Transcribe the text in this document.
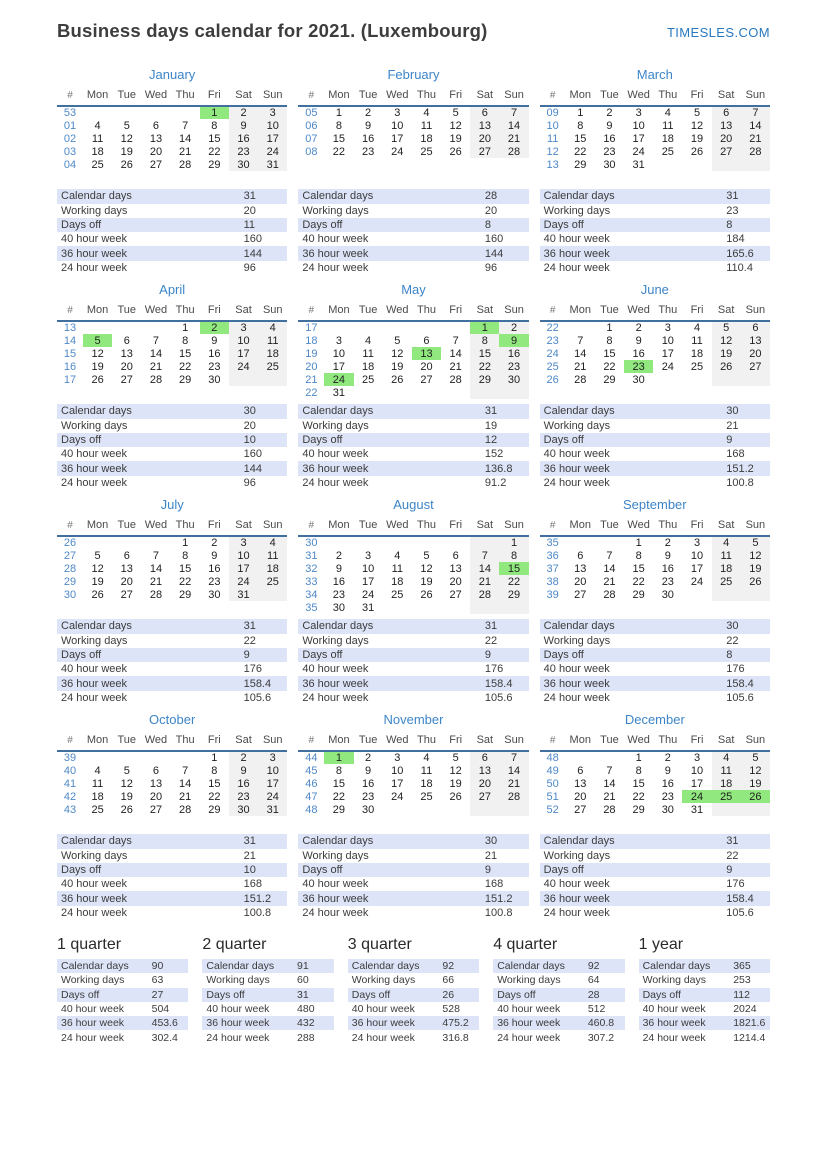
Business days calendar for 2021. (Luxembourg)	TIMESLES.COM
January
#	Mon	Tue	Wed	Thu	Fri	Sat	Sun
53					1	2	3
01	4	5	6	7	8	9	10
02	11	12	13	14	15	16	17
03	18	19	20	21	22	23	24
04	25	26	27	28	29	30	31
Calendar days	31
Working days	20
Days off	11
40 hour week	160
36 hour week	144
24 hour week	96
February
#	Mon	Tue	Wed	Thu	Fri	Sat	Sun
05	1	2	3	4	5	6	7
06	8	9	10	11	12	13	14
07	15	16	17	18	19	20	21
08	22	23	24	25	26	27	28
Calendar days	28
Working days	20
Days off	8
40 hour week	160
36 hour week	144
24 hour week	96
March
#	Mon	Tue	Wed	Thu	Fri	Sat	Sun
09	1	2	3	4	5	6	7
10	8	9	10	11	12	13	14
11	15	16	17	18	19	20	21
12	22	23	24	25	26	27	28
13	29	30	31				
Calendar days	31
Working days	23
Days off	8
40 hour week	184
36 hour week	165.6
24 hour week	110.4
April
#	Mon	Tue	Wed	Thu	Fri	Sat	Sun
13				1	2	3	4
14	5	6	7	8	9	10	11
15	12	13	14	15	16	17	18
16	19	20	21	22	23	24	25
17	26	27	28	29	30		
Calendar days	30
Working days	20
Days off	10
40 hour week	160
36 hour week	144
24 hour week	96
May
#	Mon	Tue	Wed	Thu	Fri	Sat	Sun
17						1	2
18	3	4	5	6	7	8	9
19	10	11	12	13	14	15	16
20	17	18	19	20	21	22	23
21	24	25	26	27	28	29	30
22	31						
Calendar days	31
Working days	19
Days off	12
40 hour week	152
36 hour week	136.8
24 hour week	91.2
June
#	Mon	Tue	Wed	Thu	Fri	Sat	Sun
22		1	2	3	4	5	6
23	7	8	9	10	11	12	13
24	14	15	16	17	18	19	20
25	21	22	23	24	25	26	27
26	28	29	30				
Calendar days	30
Working days	21
Days off	9
40 hour week	168
36 hour week	151.2
24 hour week	100.8
July
#	Mon	Tue	Wed	Thu	Fri	Sat	Sun
26				1	2	3	4
27	5	6	7	8	9	10	11
28	12	13	14	15	16	17	18
29	19	20	21	22	23	24	25
30	26	27	28	29	30	31	
Calendar days	31
Working days	22
Days off	9
40 hour week	176
36 hour week	158.4
24 hour week	105.6
August
#	Mon	Tue	Wed	Thu	Fri	Sat	Sun
30							1
31	2	3	4	5	6	7	8
32	9	10	11	12	13	14	15
33	16	17	18	19	20	21	22
34	23	24	25	26	27	28	29
35	30	31					
Calendar days	31
Working days	22
Days off	9
40 hour week	176
36 hour week	158.4
24 hour week	105.6
September
#	Mon	Tue	Wed	Thu	Fri	Sat	Sun
35			1	2	3	4	5
36	6	7	8	9	10	11	12
37	13	14	15	16	17	18	19
38	20	21	22	23	24	25	26
39	27	28	29	30			
Calendar days	30
Working days	22
Days off	8
40 hour week	176
36 hour week	158.4
24 hour week	105.6
October
#	Mon	Tue	Wed	Thu	Fri	Sat	Sun
39					1	2	3
40	4	5	6	7	8	9	10
41	11	12	13	14	15	16	17
42	18	19	20	21	22	23	24
43	25	26	27	28	29	30	31
Calendar days	31
Working days	21
Days off	10
40 hour week	168
36 hour week	151.2
24 hour week	100.8
November
#	Mon	Tue	Wed	Thu	Fri	Sat	Sun
44	1	2	3	4	5	6	7
45	8	9	10	11	12	13	14
46	15	16	17	18	19	20	21
47	22	23	24	25	26	27	28
48	29	30					
Calendar days	30
Working days	21
Days off	9
40 hour week	168
36 hour week	151.2
24 hour week	100.8
December
#	Mon	Tue	Wed	Thu	Fri	Sat	Sun
48			1	2	3	4	5
49	6	7	8	9	10	11	12
50	13	14	15	16	17	18	19
51	20	21	22	23	24	25	26
52	27	28	29	30	31		
Calendar days	31
Working days	22
Days off	9
40 hour week	176
36 hour week	158.4
24 hour week	105.6
1 quarter
Calendar days	90
Working days	63
Days off	27
40 hour week	504
36 hour week	453.6
24 hour week	302.4
2 quarter
Calendar days	91
Working days	60
Days off	31
40 hour week	480
36 hour week	432
24 hour week	288
3 quarter
Calendar days	92
Working days	66
Days off	26
40 hour week	528
36 hour week	475.2
24 hour week	316.8
4 quarter
Calendar days	92
Working days	64
Days off	28
40 hour week	512
36 hour week	460.8
24 hour week	307.2
1 year
Calendar days	365
Working days	253
Days off	112
40 hour week	2024
36 hour week	1821.6
24 hour week	1214.4
